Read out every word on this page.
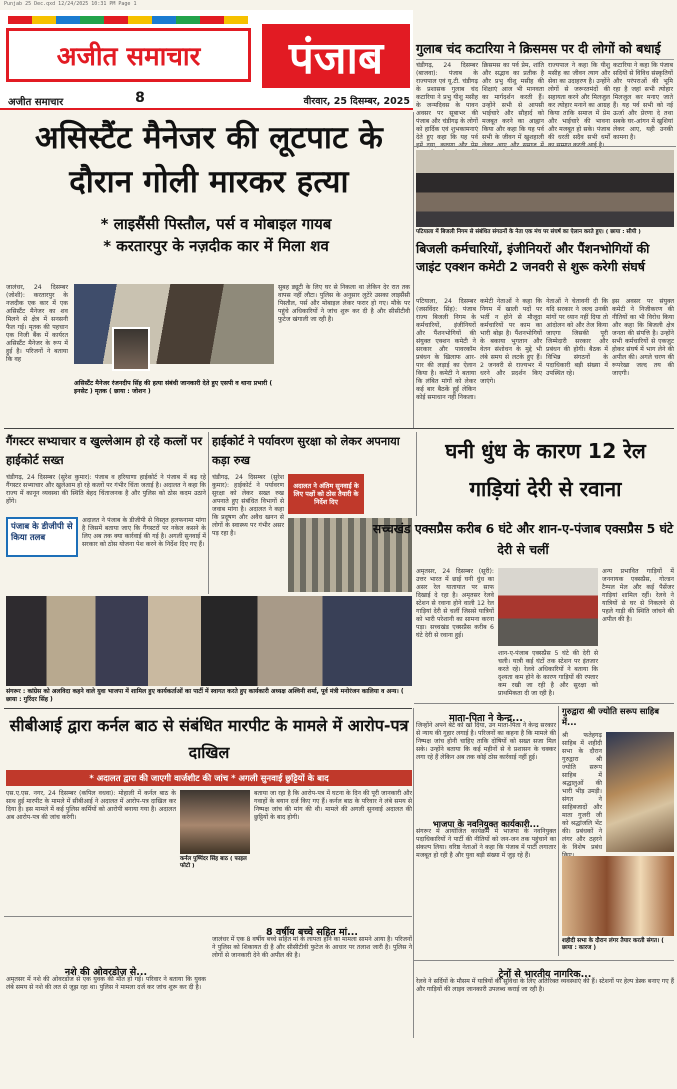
Punjab 25 Dec.qxd 12/24/2025 10:31 PM Page 1
अजीत समाचार पंजाब
8
अजीत समाचार	वीरवार, 25 दिसम्बर, 2025
गुलाब चंद कटारिया ने क्रिसमस पर दी लोगों को बधाई
चंडीगढ़, 24 दिसम्बर (बाजवा): पंजाब के राज्यपाल एवं यू.टी. चंडीगढ़ के प्रशासक गुलाब चंद कटारिया ने प्रभु यीशु मसीह के जन्मदिवस के पावन अवसर पर सूबाभर की पंजाब और चंडीगढ़ के लोगों को हार्दिक एवं शुभकामनाएं देते हुए कहा कि यह पर्व
क्रिसमस का पर्व प्रेम, शांति और सद्भाव का प्रतीक है और प्रभु यीशु मसीह की शिक्षाएं आज भी मानवता का मार्गदर्शन करती हैं। उन्होंने सभी से आपसी भाईचारे और सौहार्द को मजबूत करने का आह्वान किया और कहा कि यह पर्व सभी के जीवन में खुशहाली
राज्यपाल ने कहा कि यीशु मसीह का जीवन त्याग और सेवा का उदाहरण है। उन्होंने लोगों से जरूरतमंदों की सहायता करने और मिलजुल कर त्योहार मनाने का आग्रह किया ताकि समाज में प्रेम और भाईचारे की भावना और मजबूत हो सके। पंजाब की धरती सदैव सभी धर्मों
कटारिया ने कहा कि पंजाब सदियों से विविध संस्कृतियों और परंपराओं की भूमि रहा है जहां सभी त्योहार मिलजुल कर मनाए जाते हैं। यह पर्व सभी को नई ऊर्जा और प्रेरणा दे तथा सबके घर-आंगन में खुशियां लेकर आए, यही उनकी कामना है।
असिस्टैंट मैनेजर की लूटपाट के दौरान गोली मारकर हत्या
* लाइसैंसी पिस्तौल, पर्स व मोबाइल गायब
* करतारपुर के नज़दीक कार में मिला शव
जालंधर, 24 दिसम्बर (जोशी): करतारपुर के नजदीक एक कार में एक असिस्टैंट मैनेजर का शव मिलने से क्षेत्र में सनसनी फैल गई। मृतक की पहचान एक निजी बैंक में कार्यरत असिस्टैंट मैनेजर के रूप में हुई है। परिजनों ने बताया कि वह
असिस्टैंट मैनेजर रंजनदीप सिंह की हत्या संबंधी जानकारी देते हुए एसपी व थाना प्रभारी ( इनसेट ) मृतक ( छाया : जोशन )
सुबह ड्यूटी के लिए घर से निकला था लेकिन देर रात तक वापस नहीं लौटा। पुलिस के अनुसार लुटेरे उसका लाइसैंसी पिस्तौल, पर्स और मोबाइल लेकर फरार हो गए। मौके पर पहुंचे अधिकारियों ने जांच शुरू कर दी है और सीसीटीवी फुटेज खंगाली जा रही है।
पटियाला में बिजली निगम से संबंधित संगठनों के नेता एक मंच पर संघर्ष का ऐलान करते हुए। ( छाया : सीपी )
बिजली कर्मचारियों, इंजीनियरों और पैंशनभोगियों की जाइंट एक्शन कमेटी 2 जनवरी से शुरू करेगी संघर्ष
पटियाला, 24 दिसम्बर (जसविंदर सिंह): पंजाब राज्य बिजली निगम के कर्मचारियों, इंजीनियरों और पैंशनभोगियों की संयुक्त एक्शन कमेटी ने सरकार और पावरकॉम प्रबंधन के खिलाफ आर-पार की लड़ाई का ऐलान किया है। कमेटी ने बताया कि लंबित मांगों को लेकर कई बार बैठकें हुईं लेकिन कोई समाधान नहीं निकला।
कमेटी नेताओं ने कहा कि निगम में खाली पदों पर भर्ती न होने से मौजूदा कर्मचारियों पर काम का भारी बोझ है। पैंशनभोगियों के बकाया भुगतान और वेतन संशोधन के मुद्दे भी लंबे समय से लटके हुए हैं। 2 जनवरी से राज्यभर में धरने और प्रदर्शन किए जाएंगे।
नेताओं ने चेतावनी दी कि यदि सरकार ने जल्द उनकी मांगों पर ध्यान नहीं दिया तो आंदोलन को और तेज किया जाएगा जिसकी पूरी जिम्मेदारी सरकार और प्रबंधन की होगी। बैठक में विभिन्न संगठनों के पदाधिकारी बड़ी संख्या में उपस्थित रहे।
इस अवसर पर संयुक्त कमेटी ने निजीकरण की नीतियों का भी विरोध किया और कहा कि बिजली क्षेत्र जनता की संपत्ति है। उन्होंने सभी कर्मचारियों से एकजुट होकर संघर्ष में भाग लेने की अपील की। अगले चरण की रूपरेखा जल्द तय की जाएगी।
गैंगस्टर सभ्याचार व खुल्लेआम हो रहे कत्लों पर हाईकोर्ट सख्त
चंडीगढ़, 24 दिसम्बर (सुरेश कुमार): पंजाब व हरियाणा हाईकोर्ट ने पंजाब में बढ़ रहे गैंगस्टर सभ्याचार और खुलेआम हो रहे कत्लों पर गंभीर चिंता जताई है। अदालत ने कहा कि राज्य में कानून व्यवस्था की स्थिति बेहद चिंताजनक है और पुलिस को ठोस कदम उठाने होंगे।
पंजाब के डीजीपी से किया तलब
अदालत ने पंजाब के डीजीपी से विस्तृत हलफनामा मांगा है जिसमें बताया जाए कि गैंगस्टरों पर नकेल कसने के लिए अब तक क्या कार्रवाई की गई है। अगली सुनवाई में सरकार को ठोस योजना पेश करने के निर्देश दिए गए हैं।
हाईकोर्ट ने पर्यावरण सुरक्षा को लेकर अपनाया कड़ा रुख
चंडीगढ़, 24 दिसम्बर (सुरेश कुमार): हाईकोर्ट ने पर्यावरण सुरक्षा को लेकर सख्त रुख अपनाते हुए संबंधित विभागों से जवाब मांगा है। अदालत ने कहा कि प्रदूषण और अवैध खनन से लोगों के स्वास्थ्य पर गंभीर असर पड़ रहा है।
अदालत ने अंतिम सुनवाई के लिए पक्षों को ठोस तैयारी के निर्देश दिए
संगरूर : कांग्रेस को अलविदा कहने वाले युवा भाजपा में शामिल हुए कार्यकर्ताओं का पार्टी में स्वागत करते हुए कार्यकारी अध्यक्ष अश्विनी शर्मा, पूर्व मंत्री मनोरंजन कालिया व अन्य। ( छाया : गुरिंदर सिंह )
घनी धुंध के कारण 12 रेल गाड़ियां देरी से रवाना
सच्चखंड एक्सप्रैस करीब 6 घंटे और शान-ए-पंजाब एक्सप्रैस 5 घंटे देरी से चलीं
अमृतसर, 24 दिसम्बर (सूरी): उत्तर भारत में छाई घनी धुंध का असर रेल यातायात पर साफ दिखाई दे रहा है। अमृतसर रेलवे स्टेशन से रवाना होने वाली 12 रेल गाड़ियां देरी से चलीं जिससे यात्रियों को भारी परेशानी का सामना करना पड़ा। सच्चखंड एक्सप्रैस करीब 6 घंटे देरी से रवाना हुई।
शान-ए-पंजाब एक्सप्रैस 5 घंटे की देरी से चली। यात्री कई घंटों तक स्टेशन पर इंतजार करते रहे। रेलवे अधिकारियों ने बताया कि दृश्यता कम होने के कारण गाड़ियों की रफ्तार कम रखी जा रही है और सुरक्षा को प्राथमिकता दी जा रही है।
अन्य प्रभावित गाड़ियों में जननायक एक्सप्रैस, गोल्डन टैम्पल मेल और कई पैसेंजर गाड़ियां शामिल रहीं। रेलवे ने यात्रियों से घर से निकलने से पहले गाड़ी की स्थिति जांचने की अपील की है।
माता-पिता ने केन्द्र...
जिन्होंने अपने बेटे को खो दिया, उन माता-पिता ने केन्द्र सरकार से न्याय की गुहार लगाई है। परिजनों का कहना है कि मामले की निष्पक्ष जांच होनी चाहिए ताकि दोषियों को सख्त सजा मिल सके। उन्होंने बताया कि कई महीनों से वे प्रशासन के चक्कर लगा रहे हैं लेकिन अब तक कोई ठोस कार्रवाई नहीं हुई।
भाजपा के नवनियुक्त कार्यकारी...
संगरूर में आयोजित कार्यक्रम में भाजपा के नवनियुक्त पदाधिकारियों ने पार्टी की नीतियों को जन-जन तक पहुंचाने का संकल्प लिया। वरिष्ठ नेताओं ने कहा कि पंजाब में पार्टी लगातार मजबूत हो रही है और युवा बड़ी संख्या में जुड़ रहे हैं।
गुरुद्वारा श्री ज्योति सरूप साहिब में...
श्री फतेहगढ़ साहिब में शहीदी सभा के दौरान गुरुद्वारा श्री ज्योति सरूप साहिब में श्रद्धालुओं की भारी भीड़ उमड़ी। संगत ने साहिबजादों और माता गुजरी जी को श्रद्धांजलि भेंट की। प्रबंधकों ने लंगर और ठहरने के विशेष प्रबंध
शहीदी सभा के दौरान लंगर तैयार करती संगत। ( छाया : कारज )
सीबीआई द्वारा कर्नल बाठ से संबंधित मारपीट के मामले में आरोप-पत्र दाखिल
* अदालत द्वारा की जाएगी वार्जशीट की जांच * अगली सुनवाई छुट्टियों के बाद
एस.ए.एस. नगर, 24 दिसम्बर (कपिल वधवा): मोहाली में कर्नल बाठ के साथ हुई मारपीट के मामले में सीबीआई ने अदालत में आरोप-पत्र दाखिल कर दिया है। इस मामले में कई पुलिस कर्मियों को आरोपी बनाया गया है। अदालत अब आरोप-पत्र की जांच करेगी।
कर्नल पुष्पिंदर सिंह बाठ ( फाइल फोटो )
बताया जा रहा है कि आरोप-पत्र में घटना के दिन की पूरी जानकारी और गवाहों के बयान दर्ज किए गए हैं। कर्नल बाठ के परिवार ने लंबे समय से निष्पक्ष जांच की मांग की थी। मामले की अगली सुनवाई अदालत की छुट्टियों के बाद होगी।
8 वर्षीय बच्चे सहित मां...
जालंधर में एक 8 वर्षीय बच्चे सहित मां के लापता होने का मामला सामने आया है। परिजनों ने पुलिस को शिकायत दी है और सीसीटीवी फुटेज के आधार पर तलाश जारी है। पुलिस ने लोगों से जानकारी देने की अपील की है।
नशे की ओवरडोज़ से...
अमृतसर में नशे की ओवरडोज से एक युवक की मौत हो गई। परिवार ने बताया कि युवक लंबे समय से नशे की लत से जूझ रहा था। पुलिस ने मामला दर्ज कर जांच शुरू कर दी है।
ट्रेनों से भारतीय नागरिक...
रेलवे ने सर्दियों के मौसम में यात्रियों की सुविधा के लिए अतिरिक्त व्यवस्थाएं की हैं। स्टेशनों पर हेल्प डेस्क बनाए गए हैं और गाड़ियों की लाइव जानकारी उपलब्ध कराई जा रही है।
